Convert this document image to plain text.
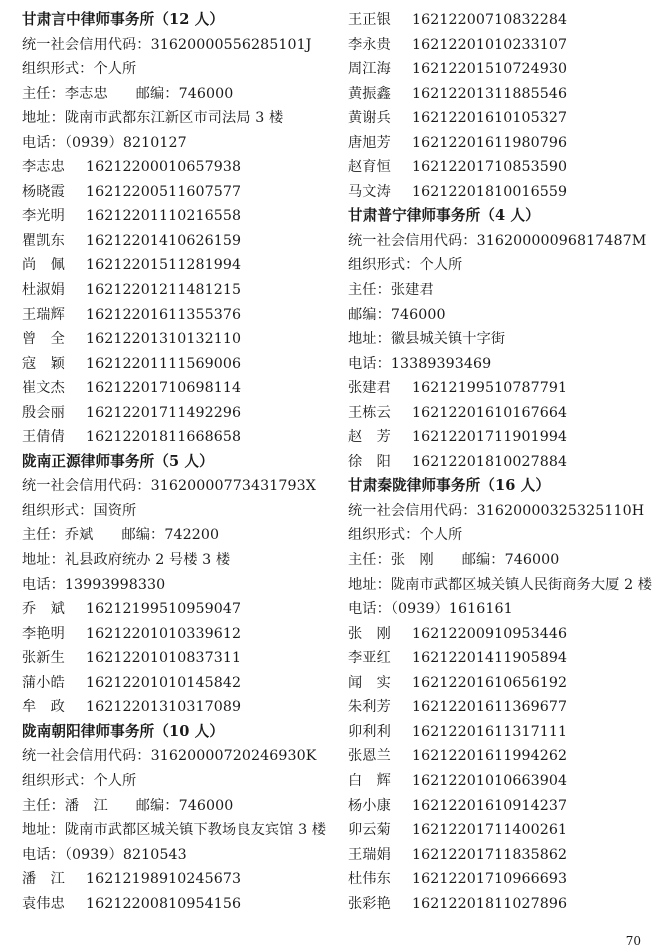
甘肃言中律师事务所（12 人）
统一社会信用代码：31620000556285101J
组织形式：个人所
主任：李志忠 邮编：746000
地址：陇南市武都东江新区市司法局 3 楼
电话：（0939）8210127
李志忠 16212200010657938
杨晓霞 16212200511607577
李光明 16212201110216558
瞿凯东 16212201410626159
尚　佩 16212201511281994
杜淑娟 16212201211481215
王瑞辉 16212201611355376
曾　全 16212201310132110
寇　颖 16212201111569006
崔文杰 16212201710698114
殷会丽 16212201711492296
王倩倩 16212201811668658
陇南正源律师事务所（5 人）
统一社会信用代码：31620000773431793X
组织形式：国资所
主任：乔斌 邮编：742200
地址：礼县政府统办 2 号楼 3 楼
电话：13993998330
乔　斌 16212199510959047
李艳明 16212201010339612
张新生 16212201010837311
蒲小皓 16212201010145842
牟　政 16212201310317089
陇南朝阳律师事务所（10 人）
统一社会信用代码：31620000720246930K
组织形式：个人所
主任：潘　江 邮编：746000
地址：陇南市武都区城关镇下教场良友宾馆 3 楼
电话：（0939）8210543
潘　江 16212198910245673
袁伟忠 16212200810954156
王正银 16212200710832284
李永贵 16212201010233107
周江海 16212201510724930
黄振鑫 16212201311885546
黄谢兵 16212201610105327
唐旭芳 16212201611980796
赵育恒 16212201710853590
马文涛 16212201810016559
甘肃普宁律师事务所（4 人）
统一社会信用代码：31620000096817487M
组织形式：个人所
主任：张建君
邮编：746000
地址：徽县城关镇十字街
电话：13389393469
张建君 16212199510787791
王栋云 16212201610167664
赵　芳 16212201711901994
徐　阳 16212201810027884
甘肃秦陇律师事务所（16 人）
统一社会信用代码：31620000325325110H
组织形式：个人所
主任：张　刚 邮编：746000
地址：陇南市武都区城关镇人民街商务大厦 2 楼
电话：（0939）1616161
张　刚 16212200910953446
李亚红 16212201411905894
闻　实 16212201610656192
朱利芳 16212201611369677
卯利利 16212201611317111
张恩兰 16212201611994262
白　辉 16212201010663904
杨小康 16212201610914237
卯云菊 16212201711400261
王瑞娟 16212201711835862
杜伟东 16212201710966693
张彩艳 16212201811027896
70
